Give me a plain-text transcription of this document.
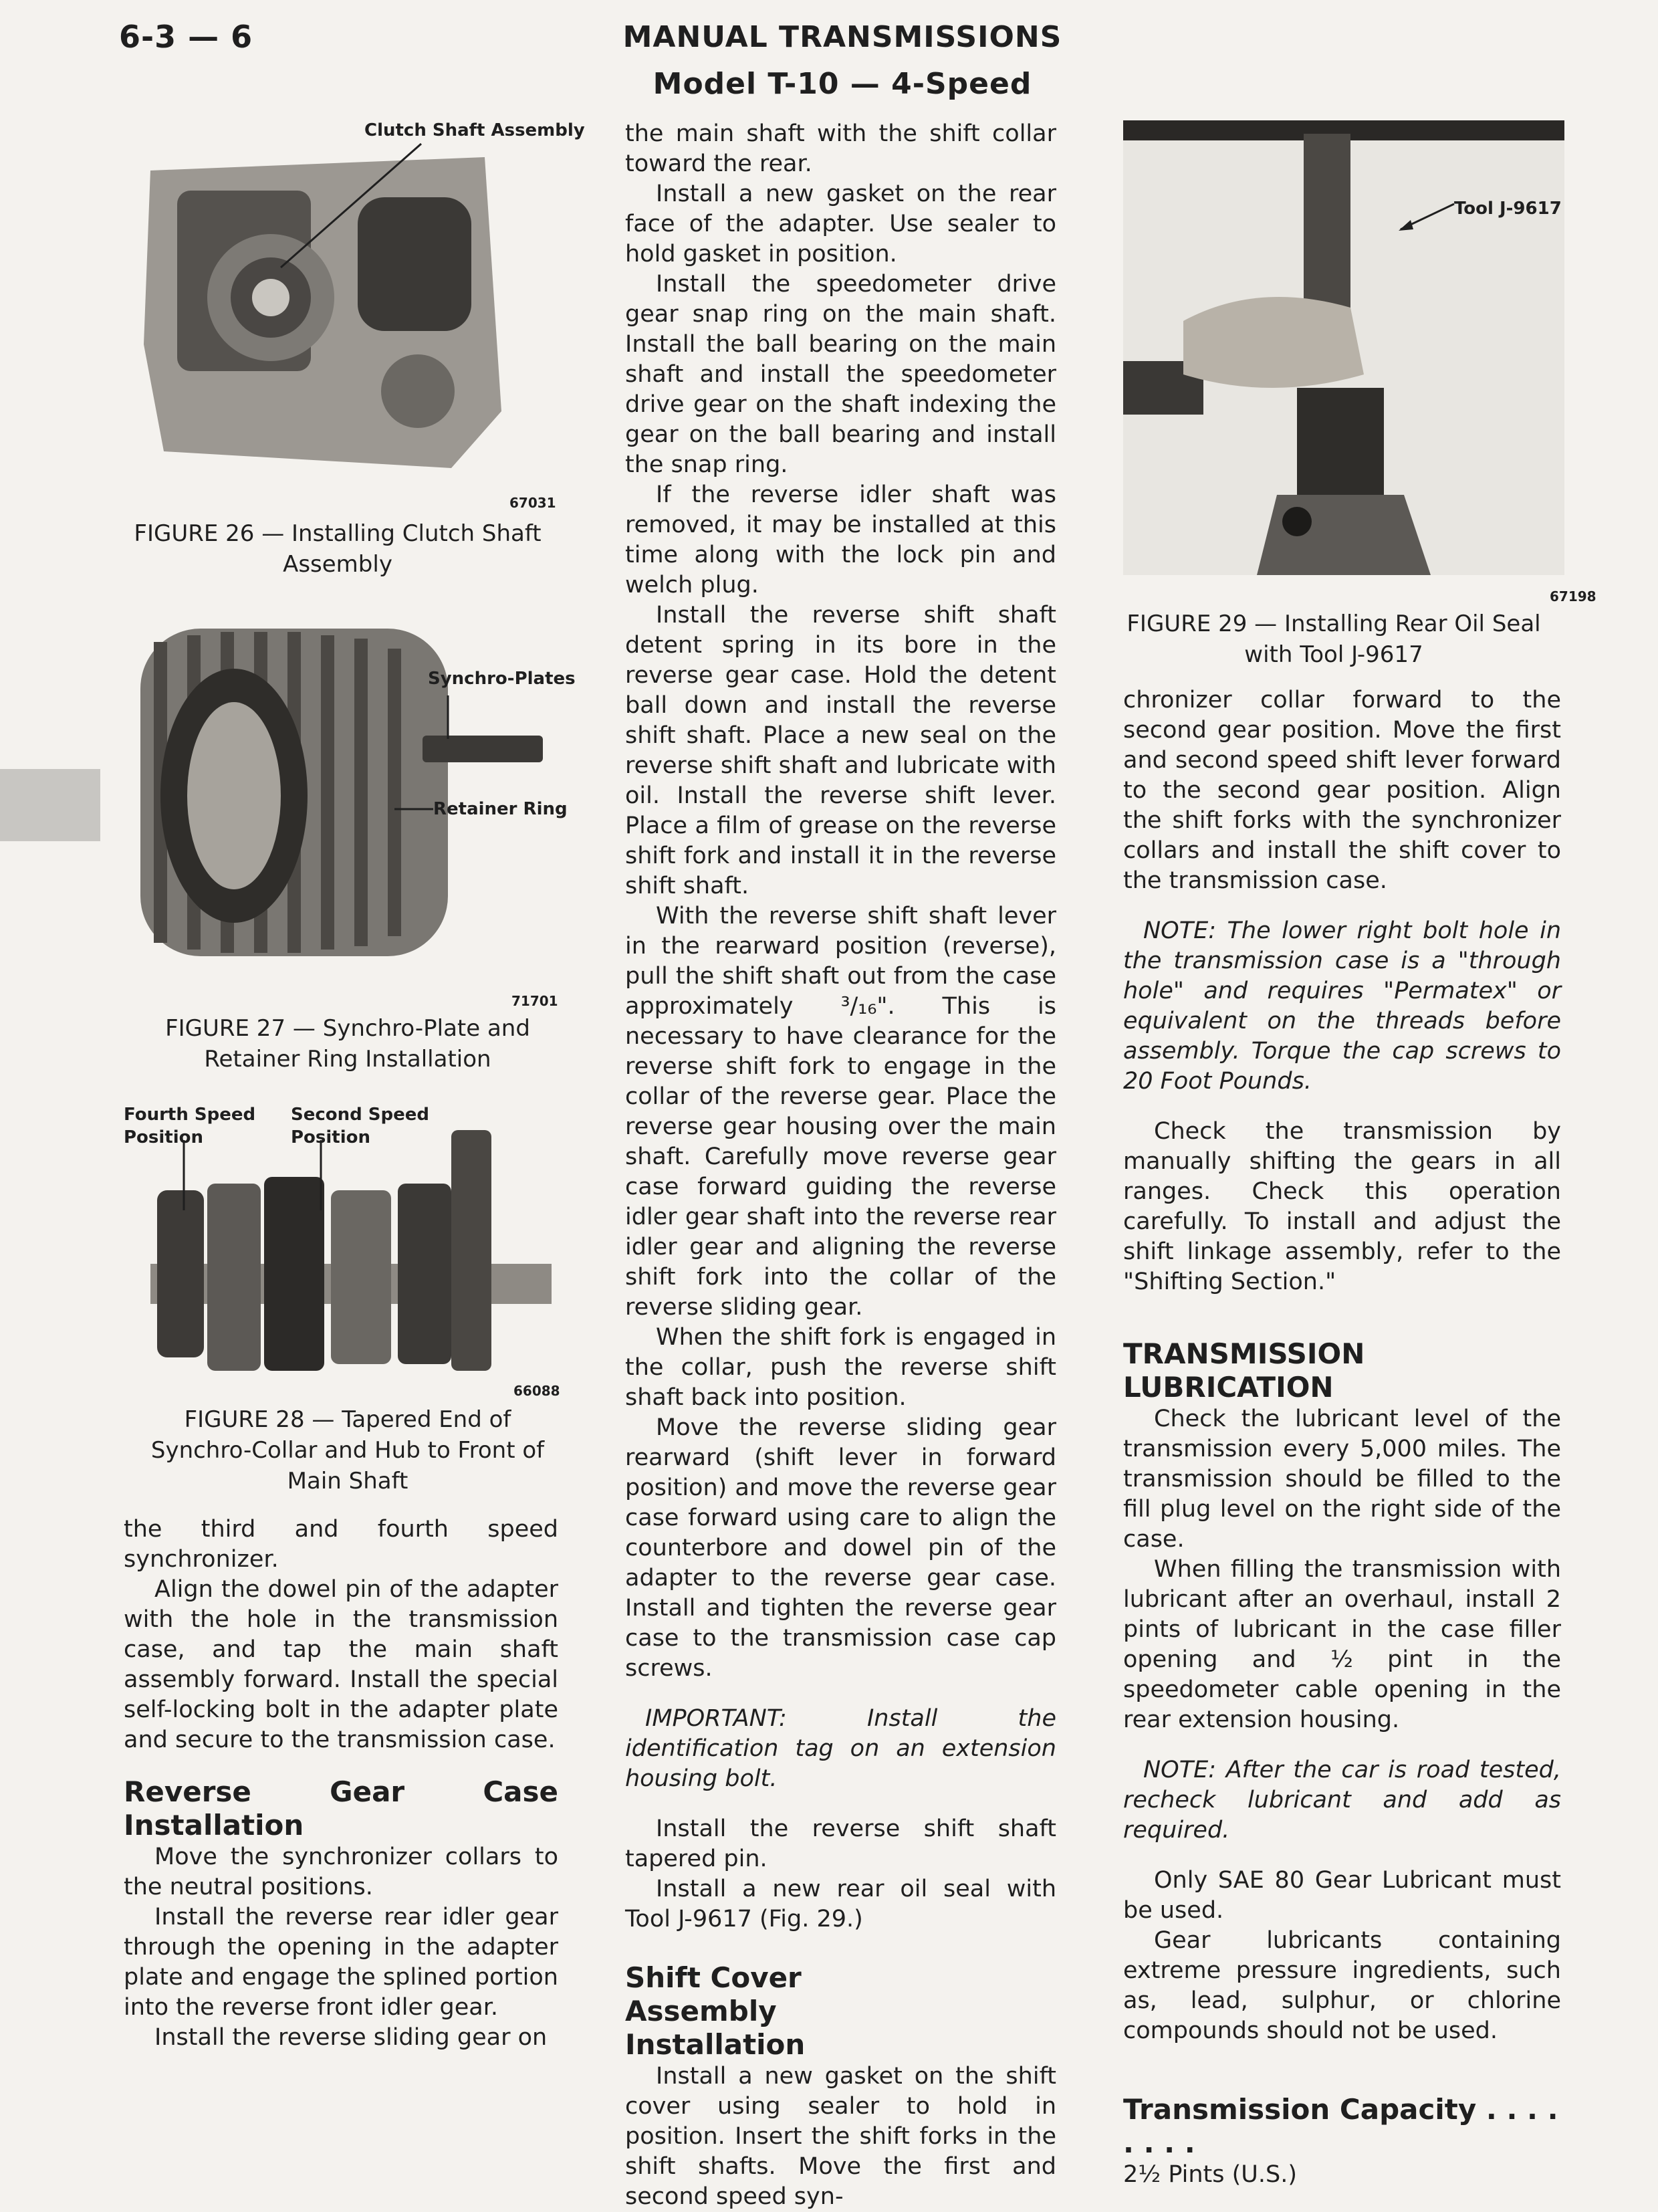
6-3 — 6	MANUAL TRANSMISSIONS
Model T-10 — 4-Speed
Clutch Shaft Assembly
67031
FIGURE 26 — Installing Clutch Shaft Assembly
Synchro-Plates
Retainer Ring
71701
FIGURE 27 — Synchro-Plate and Retainer Ring Installation
Fourth Speed Position
Second Speed Position
66088
FIGURE 28 — Tapered End of Synchro-Collar and Hub to Front of Main Shaft
Tool J-9617
67198
FIGURE 29 — Installing Rear Oil Seal with Tool J-9617

the third and fourth speed synchronizer.

Align the dowel pin of the adapter with the hole in the transmission case, and tap the main shaft assembly forward. Install the special self-locking bolt in the adapter plate and secure to the transmission case.

Reverse Gear Case Installation

Move the synchronizer collars to the neutral positions.

Install the reverse rear idler gear through the opening in the adapter plate and engage the splined portion into the reverse front idler gear.

Install the reverse sliding gear on

the main shaft with the shift collar toward the rear.

Install a new gasket on the rear face of the adapter. Use sealer to hold gasket in position.

Install the speedometer drive gear snap ring on the main shaft. Install the ball bearing on the main shaft and install the speedometer drive gear on the shaft indexing the gear on the ball bearing and install the snap ring.

If the reverse idler shaft was removed, it may be installed at this time along with the lock pin and welch plug.

Install the reverse shift shaft detent spring in its bore in the reverse gear case. Hold the detent ball down and install the reverse shift shaft. Place a new seal on the reverse shift shaft and lubricate with oil. Install the reverse shift lever. Place a film of grease on the reverse shift fork and install it in the reverse shift shaft.

With the reverse shift shaft lever in the rearward position (reverse), pull the shift shaft out from the case approximately ³/₁₆". This is necessary to have clearance for the reverse shift fork to engage in the collar of the reverse gear. Place the reverse gear housing over the main shaft. Carefully move reverse gear case forward guiding the reverse idler gear shaft into the reverse rear idler gear and aligning the reverse shift fork into the collar of the reverse sliding gear.

When the shift fork is engaged in the collar, push the reverse shift shaft back into position.

Move the reverse sliding gear rearward (shift lever in forward position) and move the reverse gear case forward using care to align the counterbore and dowel pin of the adapter to the reverse gear case. Install and tighten the reverse gear case to the transmission case cap screws.

IMPORTANT: Install the identification tag on an extension housing bolt.

Install the reverse shift shaft tapered pin.

Install a new rear oil seal with Tool J-9617 (Fig. 29.)

Shift Cover Assembly Installation

Install a new gasket on the shift cover using sealer to hold in position. Insert the shift forks in the shift shafts. Move the first and second speed syn-

chronizer collar forward to the second gear position. Move the first and second speed shift lever forward to the second gear position. Align the shift forks with the synchronizer collars and install the shift cover to the transmission case.

NOTE: The lower right bolt hole in the transmission case is a "through hole" and requires "Permatex" or equivalent on the threads before assembly. Torque the cap screws to 20 Foot Pounds.

Check the transmission by manually shifting the gears in all ranges. Check this operation carefully. To install and adjust the shift linkage assembly, refer to the "Shifting Section."

TRANSMISSION LUBRICATION

Check the lubricant level of the transmission every 5,000 miles. The transmission should be filled to the fill plug level on the right side of the case.

When filling the transmission with lubricant after an overhaul, install 2 pints of lubricant in the case filler opening and ½ pint in the speedometer cable opening in the rear extension housing.

NOTE: After the car is road tested, recheck lubricant and add as required.

Only SAE 80 Gear Lubricant must be used.

Gear lubricants containing extreme pressure ingredients, such as, lead, sulphur, or chlorine compounds should not be used.

Transmission Capacity . . . . . . . .

2½ Pints (U.S.)
